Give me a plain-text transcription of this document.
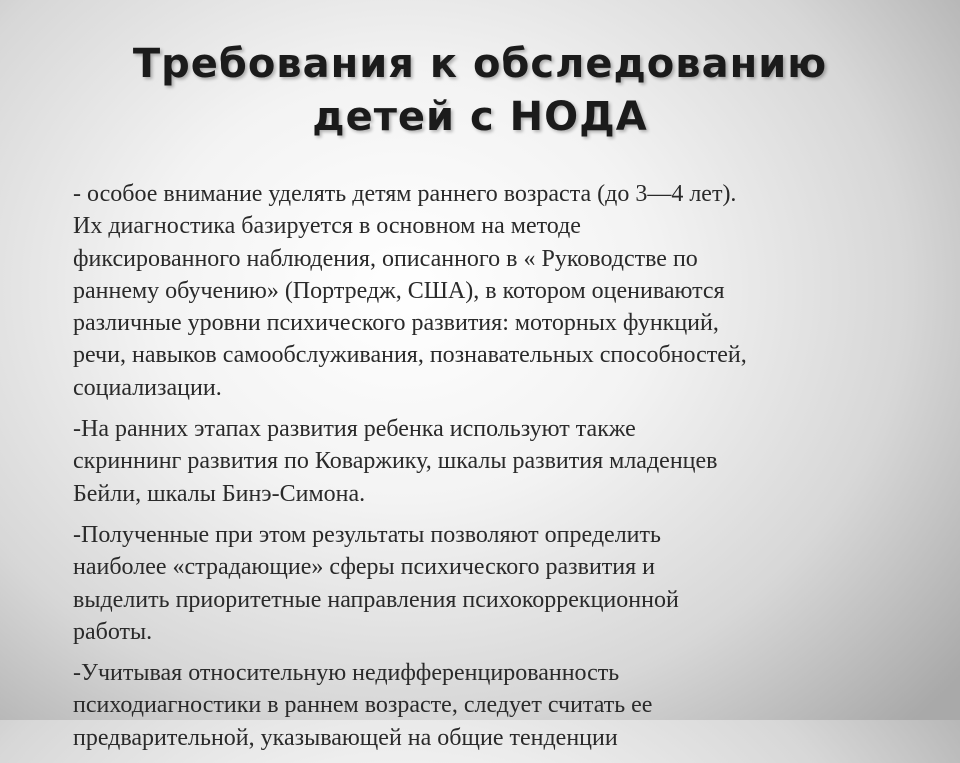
Требования к обследованию
детей с НОДА

- особое внимание уделять детям раннего возраста (до 3—4 лет).
Их диагностика базируется в основном на методе
фиксированного наблюдения, описанного в « Руководстве по
раннему обучению» (Портредж, США), в котором оцениваются
различные уровни психического развития: моторных функций,
речи, навыков самообслуживания, познавательных способностей,
социализации.

-На ранних этапах развития ребенка используют также
скриннинг развития по Коваржику, шкалы развития младенцев
Бейли, шкалы Бинэ-Симона.

-Полученные при этом результаты позволяют определить
наиболее «страдающие» сферы психического развития и
выделить приоритетные направления психокоррекционной
работы.

-Учитывая относительную недифференцированность
психодиагностики в раннем возрасте, следует считать ее
предварительной, указывающей на общие тенденции
